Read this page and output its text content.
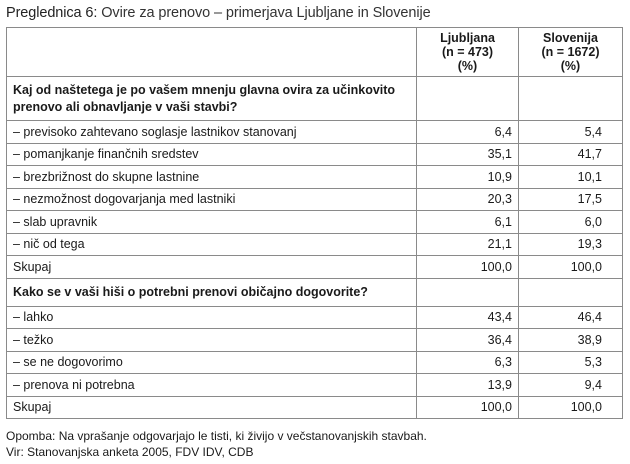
Preglednica 6: Ovire za prenovo – primerjava Ljubljane in Slovenije

	Ljubljana
(n = 473)
(%)	Slovenija
(n = 1672)
(%)

Kaj od naštetega je po vašem mnenju glavna ovira za učinkovito prenovo ali obnavljanje v vaši stavbi?		
– previsoko zahtevano soglasje lastnikov stanovanj	6,4	5,4
– pomanjkanje finančnih sredstev	35,1	41,7
– brezbrižnost do skupne lastnine	10,9	10,1
– nezmožnost dogovarjanja med lastniki	20,3	17,5
– slab upravnik	6,1	6,0
– nič od tega	21,1	19,3
Skupaj	100,0	100,0
Kako se v vaši hiši o potrebni prenovi običajno dogovorite?		
– lahko	43,4	46,4
– težko	36,4	38,9
– se ne dogovorimo	6,3	5,3
– prenova ni potrebna	13,9	9,4
Skupaj	100,0	100,0
Opomba: Na vprašanje odgovarjajo le tisti, ki živijo v večstanovanjskih stavbah.
Vir: Stanovanjska anketa 2005, FDV IDV, CDB
